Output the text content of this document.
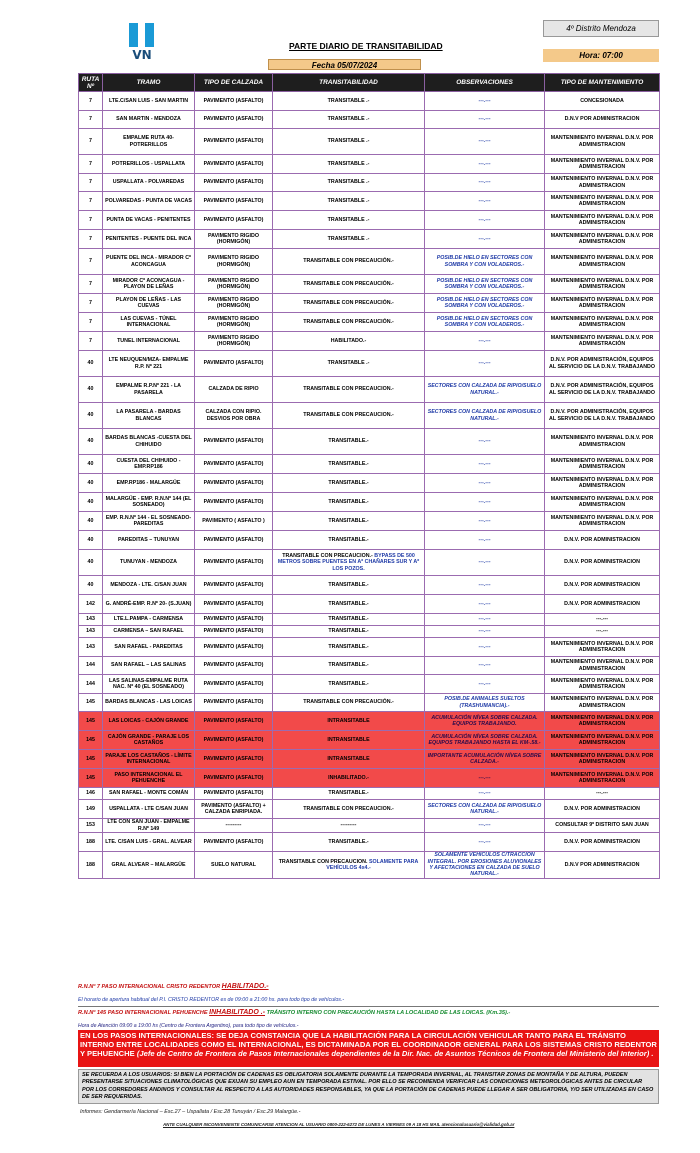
VN
PARTE DIARIO DE TRANSITABILIDAD
Fecha 05/07/2024
4º Distrito Mendoza
Hora: 07:00
RUTA Nº	TRAMO	TIPO DE CALZADA	TRANSITABILIDAD	OBSERVACIONES	TIPO DE MANTENIMIENTO
7	LTE.C/SAN LUIS - SAN MARTIN	PAVIMENTO (ASFALTO)	TRANSITABLE .-	---.---	CONCESIONADA
7	SAN MARTIN - MENDOZA	PAVIMENTO (ASFALTO)	TRANSITABLE .-	---.---	D.N.V POR ADMINISTRACION
7	EMPALME RUTA 40- POTRERILLOS	PAVIMENTO (ASFALTO)	TRANSITABLE .-	---.---	MANTENIMIENTO INVERNAL D.N.V. POR ADMINISTRACION
7	POTRERILLOS - USPALLATA	PAVIMENTO (ASFALTO)	TRANSITABLE .-	---.---	MANTENIMIENTO INVERNAL D.N.V. POR ADMINISTRACION
7	USPALLATA - POLVAREDAS	PAVIMENTO (ASFALTO)	TRANSITABLE .-	---.---	MANTENIMIENTO INVERNAL D.N.V. POR ADMINISTRACION
7	POLVAREDAS - PUNTA DE VACAS	PAVIMENTO (ASFALTO)	TRANSITABLE .-	---.---	MANTENIMIENTO INVERNAL D.N.V. POR ADMINISTRACION
7	PUNTA DE VACAS - PENITENTES	PAVIMENTO (ASFALTO)	TRANSITABLE .-	---.---	MANTENIMIENTO INVERNAL D.N.V. POR ADMINISTRACION
7	PENITENTES - PUENTE DEL INCA	PAVIMENTO RIGIDO (HORMIGÓN)	TRANSITABLE .-	---.---	MANTENIMIENTO INVERNAL D.N.V. POR ADMINISTRACION
7	PUENTE DEL INCA - MIRADOR Cº ACONCAGUA	PAVIMENTO RIGIDO (HORMIGÓN)	TRANSITABLE CON PRECAUCIÓN.-	POSIB.DE HIELO EN SECTORES CON SOMBRA Y CON VOLADEROS.-	MANTENIMIENTO INVERNAL D.N.V. POR ADMINISTRACION
7	MIRADOR Cº ACONCAGUA - PLAYON DE LEÑAS	PAVIMENTO RIGIDO (HORMIGÓN)	TRANSITABLE CON PRECAUCIÓN.-	POSIB.DE HIELO EN SECTORES CON SOMBRA Y CON VOLADEROS.-	MANTENIMIENTO INVERNAL D.N.V. POR ADMINISTRACION
7	PLAYON DE LEÑAS - LAS CUEVAS	PAVIMENTO RIGIDO (HORMIGÓN)	TRANSITABLE CON PRECAUCIÓN.-	POSIB.DE HIELO EN SECTORES CON SOMBRA Y CON VOLADEROS.-	MANTENIMIENTO INVERNAL D.N.V. POR ADMINISTRACION
7	LAS CUEVAS - TÚNEL INTERNACIONAL	PAVIMENTO RIGIDO (HORMIGÓN)	TRANSITABLE CON PRECAUCIÓN.-	POSIB.DE HIELO EN SECTORES CON SOMBRA Y CON VOLADEROS.-	MANTENIMIENTO INVERNAL D.N.V. POR ADMINISTRACION
7	TUNEL INTERNACIONAL	PAVIMENTO RIGIDO (HORMIGÓN)	HABILITADO.-	---.---	MANTENIMIENTO INVERNAL D.N.V. POR ADMINISTRACIÓN
40	LTE NEUQUEN/MZA- EMPALME R.P. Nº 221	PAVIMENTO (ASFALTO)	TRANSITABLE .-	---.---	D.N.V. POR ADMINISTRACIÓN, EQUIPOS AL SERVICIO DE LA D.N.V. TRABAJANDO
40	EMPALME R.P.Nº 221 - LA PASARELA	CALZADA DE RIPIO	TRANSITABLE CON PRECAUCION.-	SECTORES CON CALZADA DE RIPIO/SUELO NATURAL.-	D.N.V. POR ADMINISTRACIÓN, EQUIPOS AL SERVICIO DE LA D.N.V. TRABAJANDO
40	LA PASARELA - BARDAS BLANCAS	CALZADA CON RIPIO. DESVIOS POR OBRA	TRANSITABLE CON PRECAUCION.-	SECTORES CON CALZADA DE RIPIO/SUELO NATURAL.-	D.N.V. POR ADMINISTRACIÓN, EQUIPOS AL SERVICIO DE LA D.N.V. TRABAJANDO
40	BARDAS BLANCAS -CUESTA DEL CHIHUIDO	PAVIMENTO (ASFALTO)	TRANSITABLE.-	---.---	MANTENIMIENTO INVERNAL D.N.V. POR ADMINISTRACION
40	CUESTA DEL CHIHUIDO - EMP.RP186	PAVIMENTO (ASFALTO)	TRANSITABLE.-	---.---	MANTENIMIENTO INVERNAL D.N.V. POR ADMINISTRACION
40	EMP.RP186 - MALARGÜE	PAVIMENTO (ASFALTO)	TRANSITABLE.-	---.---	MANTENIMIENTO INVERNAL D.N.V. POR ADMINISTRACION
40	MALARGÜE - EMP. R.N.Nº 144 (EL SOSNEADO)	PAVIMENTO (ASFALTO)	TRANSITABLE.-	---.---	MANTENIMIENTO INVERNAL D.N.V. POR ADMINISTRACION
40	EMP. R.N.Nº 144 - EL SOSNEADO- PAREDITAS	PAVIMENTO ( ASFALTO )	TRANSITABLE.-	---.---	MANTENIMIENTO INVERNAL D.N.V. POR ADMINISTRACION
40	PAREDITAS – TUNUYAN	PAVIMENTO (ASFALTO)	TRANSITABLE.-	---.---	D.N.V. POR ADMINISTRACION
40	TUNUYAN - MENDOZA	PAVIMENTO (ASFALTO)	TRANSITABLE CON PRECAUCION.- BYPASS DE 500 METROS SOBRE PUENTES EN Aº CHAÑARES SUR Y Aº LOS POZOS.	---.---	D.N.V. POR ADMINISTRACION
40	MENDOZA - LTE. C/SAN JUAN	PAVIMENTO (ASFALTO)	TRANSITABLE.-	---.---	D.N.V. POR ADMINISTRACION
142	G. ANDRÉ-EMP. R.Nº 20- (S.JUAN)	PAVIMENTO (ASFALTO)	TRANSITABLE.-	---.---	D.N.V. POR ADMINISTRACION
143	LTE.L.PAMPA - CARMENSA	PAVIMENTO (ASFALTO)	TRANSITABLE.-	---.---	---.---
143	CARMENSA – SAN RAFAEL	PAVIMENTO (ASFALTO)	TRANSITABLE.-	---.---	---.---
143	SAN RAFAEL - PAREDITAS	PAVIMENTO (ASFALTO)	TRANSITABLE.-	---.---	MANTENIMIENTO INVERNAL D.N.V. POR ADMINISTRACION
144	SAN RAFAEL – LAS SALINAS	PAVIMENTO (ASFALTO)	TRANSITABLE.-	---.---	MANTENIMIENTO INVERNAL D.N.V. POR ADMINISTRACION
144	LAS SALINAS-EMPALME RUTA NAC. Nº 40 (EL SOSNEADO)	PAVIMENTO (ASFALTO)	TRANSITABLE.-	---.---	MANTENIMIENTO INVERNAL D.N.V. POR ADMINISTRACION
145	BARDAS BLANCAS - LAS LOICAS	PAVIMENTO (ASFALTO)	TRANSITABLE CON PRECAUCIÓN.-	POSIB.DE ANIMALES SUELTOS (TRASHUMANCIA).-	MANTENIMIENTO INVERNAL D.N.V. POR ADMINISTRACION
145	LAS LOICAS - CAJÓN GRANDE	PAVIMENTO (ASFALTO)	INTRANSITABLE	ACUMULACIÓN NÍVEA SOBRE CALZADA. EQUIPOS TRABAJANDO.	MANTENIMIENTO INVERNAL D.N.V. POR ADMINISTRACION
145	CAJÓN GRANDE - PARAJE LOS CASTAÑOS	PAVIMENTO (ASFALTO)	INTRANSITABLE	ACUMULACIÓN NÍVEA SOBRE CALZADA. EQUIPOS TRABAJANDO HASTA EL KM-.58.-	MANTENIMIENTO INVERNAL D.N.V. POR ADMINISTRACION
145	PARAJE LOS CASTAÑOS - LÍMITE INTERNACIONAL	PAVIMENTO (ASFALTO)	INTRANSITABLE	IMPORTANTE ACUMULACIÓN NÍVEA SOBRE CALZADA.-	MANTENIMIENTO INVERNAL D.N.V. POR ADMINISTRACION
145	PASO INTERNACIONAL EL PEHUENCHE	PAVIMENTO (ASFALTO)	INHABILITADO.-	---.---	MANTENIMIENTO INVERNAL D.N.V. POR ADMINISTRACION
146	SAN RAFAEL - MONTE COMÁN	PAVIMENTO (ASFALTO)	TRANSITABLE.-	---.---	---.---
149	USPALLATA - LTE C/SAN JUAN	PAVIMENTO (ASFALTO) + CALZADA ENRIPIADA.	TRANSITABLE CON PRECAUCION.-	SECTORES CON CALZADA DE RIPIO/SUELO NATURAL.-	D.N.V. POR ADMINISTRACION
153	LTE CON SAN JUAN - EMPALME R.Nº 149	---------	---------	---.---	CONSULTAR 9º DISTRITO SAN JUAN
188	LTE. C/SAN LUIS - GRAL. ALVEAR	PAVIMENTO (ASFALTO)	TRANSITABLE.-	---.---	D.N.V. POR ADMINISTRACION
188	GRAL ALVEAR – MALARGÜE	SUELO NATURAL	TRANSITABLE CON PRECAUCION. SOLAMENTE PARA VEHÍCULOS 4x4.-	SOLAMENTE VEHÍCULOS C/TRACCIÓN INTEGRAL. POR EROSIONES ALUVIONALES Y AFECTACIONES EN CALZADA DE SUELO NATURAL.-	D.N.V POR ADMINISTRACION
R.N.Nº 7 PASO INTERNACIONAL CRISTO REDENTOR HABILITADO.-
El horario de apertura habitual del P.I. CRISTO REDENTOR es de 09:00 a 21:00 hs. para todo tipo de vehículos.-
R.N.Nº 145 PASO INTERNACIONAL PEHUENCHE INHABILITADO .- TRÁNSITO INTERNO CON PRECAUCIÓN HASTA LA LOCALIDAD DE LAS LOICAS. (Km.35).-
Hora de Atención 09:00 a 19:00 hs (Centro de Frontera Argentino), para todo tipo de vehículos.-
EN LOS PASOS INTERNACIONALES: SE DEJA CONSTANCIA QUE LA HABILITACIÓN PARA LA CIRCULACIÓN VEHICULAR TANTO PARA EL TRÁNSITO INTERNO ENTRE LOCALIDADES COMO EL INTERNACIONAL, ES DICTAMINADA POR EL COORDINADOR GENERAL PARA LOS SISTEMAS CRISTO REDENTOR Y PEHUENCHE (Jefe de Centro de Frontera de Pasos Internacionales dependientes de la Dir. Nac. de Asuntos Técnicos de Frontera del Ministerio del Interior) .
SE RECUERDA A LOS USUARIOS: SI BIEN LA PORTACIÓN DE CADENAS ES OBLIGATORIA SOLAMENTE DURANTE LA TEMPORADA INVERNAL, AL TRANSITAR ZONAS DE MONTAÑA Y DE ALTURA, PUEDEN PRESENTARSE SITUACIONES CLIMATOLÓGICAS QUE EXIJAN SU EMPLEO AUN EN TEMPORADA ESTIVAL. POR ELLO SE RECOMIENDA VERIFICAR LAS CONDICIONES METEOROLÓGICAS ANTES DE CIRCULAR POR LOS CORREDORES ANDINOS Y CONSULTAR AL RESPECTO A LAS AUTORIDADES RESPONSABLES, YA QUE LA PORTACIÓN DE CADENAS PUEDE LLEGAR A SER OBLIGATORIA, Y/O SER UTILIZADAS EN CASO DE SER REQUERIDAS.
Informes: Gendarmería Nacional – Esc.27 – Uspallata / Esc.28 Tunuyán / Esc.29 Malargüe.-
ANTE CUALQUIER INCONVENIENTE COMUNICARSE ATENCION AL USUARIO 0800-222-6272 DE LUNES A VIERNES 09 A 18 HS MAIL atencionalusuario@vialidad.gob.ar
